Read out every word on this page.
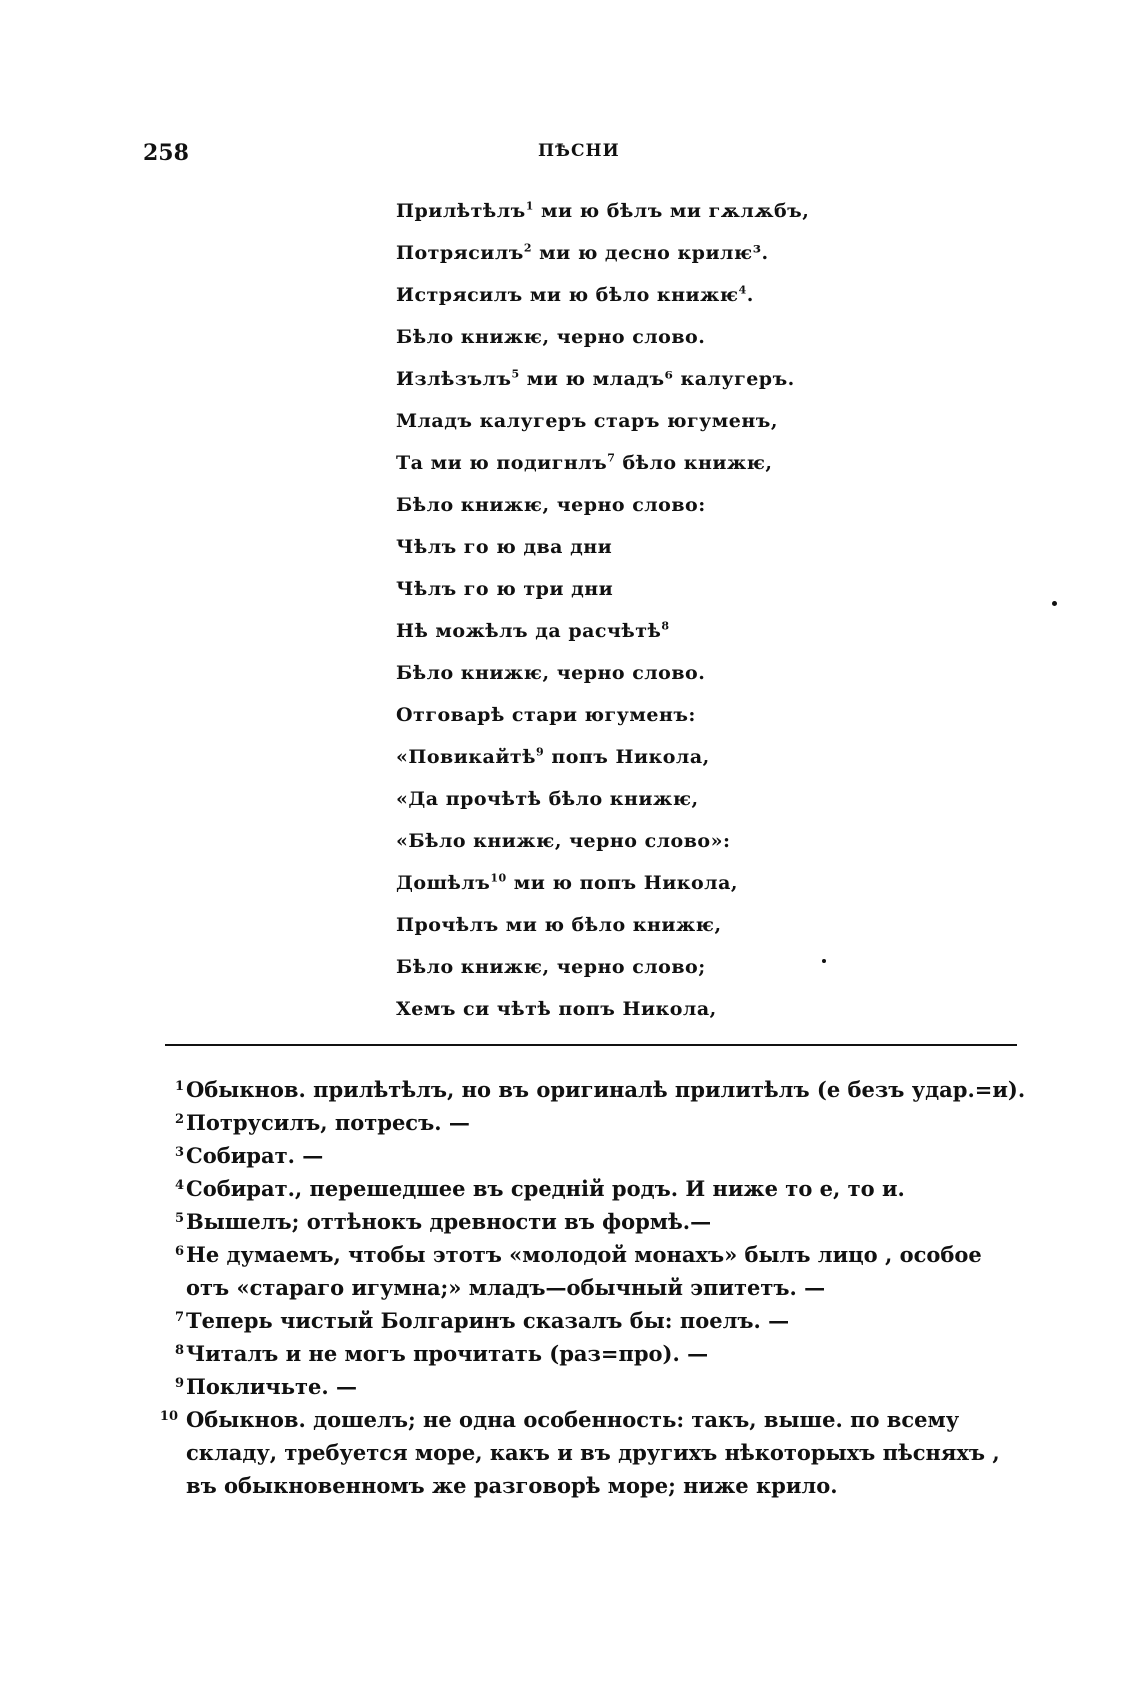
258	ПѢСНИ
Прилѣтѣлъ$^1$ ми ю бѣлъ ми гѫлѫбъ,
Потрясилъ$^2$ ми ю десно крилѥ³.
Истрясилъ ми ю бѣло книжѥ$^4$.
Бѣло книжѥ, черно слово.
Излѣзълъ$^5$ ми ю младъ⁶ калугеръ.
Младъ калугеръ старъ югуменъ,
Та ми ю подигнлъ$^7$ бѣло книжѥ,
Бѣло книжѥ, черно слово:
Чѣлъ го ю два дни
Чѣлъ го ю три дни
Нѣ можѣлъ да расчѣтѣ$^8$
Бѣло книжѥ, черно слово.
Отговарѣ стари югуменъ:
«Повикайтѣ$^9$ попъ Никола,
«Да прочѣтѣ бѣло книжѥ,
«Бѣло книжѥ, черно слово»:
Дошѣлъ$^{10}$ ми ю попъ Никола,
Прочѣлъ ми ю бѣло книжѥ,
Бѣло книжѥ, черно слово;
Хемъ си чѣтѣ попъ Никола,
1 Обыкнов. прилѣтѣлъ, но въ оригиналѣ прилитѣлъ (е безъ удар.=и).
2 Потрусилъ, потресъ. —
3 Собират. —
4 Собират., перешедшее въ средній родъ. И ниже то е, то и.
5 Вышелъ; оттѣнокъ древности въ формѣ.—
6 Не думаемъ, чтобы этотъ «молодой монахъ» былъ лицо , особое отъ «стараго игумна;» младъ—обычный эпитетъ. —
7 Теперь чистый Болгаринъ сказалъ бы: поелъ. —
8 Читалъ и не могъ прочитать (раз=про). —
9 Покличьте. —
10 Обыкнов. дошелъ; не одна особенность: такъ, выше. по всему складу, требуется море, какъ и въ другихъ нѣкоторыхъ пѣсняхъ , въ обыкновенномъ же разговорѣ море; ниже крило.
